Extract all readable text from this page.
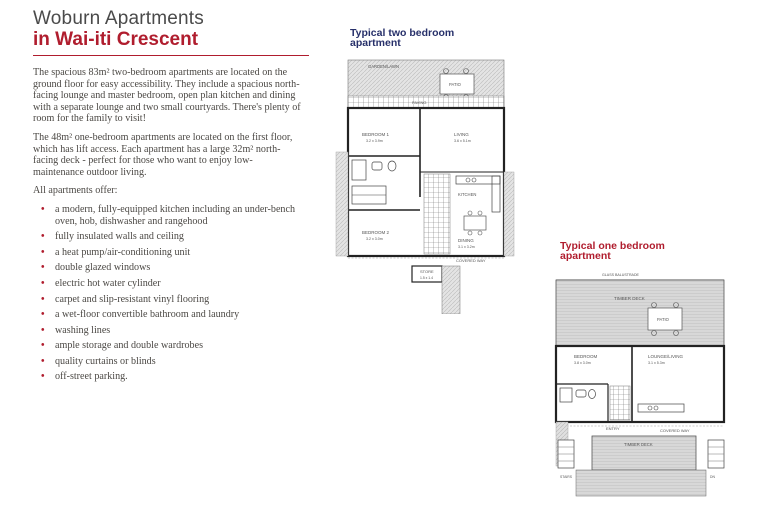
Woburn Apartments
in Wai-iti Crescent

The spacious 83m² two-bedroom apartments are located on the ground floor for easy accessibility. They include a spacious north-facing lounge and master bedroom, open plan kitchen and dining with a separate lounge and two small courtyards. There's plenty of room for the family to visit!

The 48m² one-bedroom apartments are located on the first floor, which has lift access. Each apartment has a large 32m² north-facing deck - perfect for those who want to enjoy low-maintenance outdoor living.

All apartments offer:

• a modern, fully-equipped kitchen including an under-bench oven, hob, dishwasher and rangehood
• fully insulated walls and ceiling
• a heat pump/air-conditioning unit
• double glazed windows
• electric hot water cylinder
• carpet and slip-resistant vinyl flooring
• a wet-floor convertible bathroom and laundry
• washing lines
• ample storage and double wardrobes
• quality curtains or blinds
• off-street parking.
Typical two bedroom
apartment
GARDEN/LAWN
PATIO
PAVING
BEDROOM 1
3.2 x 3.9m
LIVING
3.6 x 5.1m
KITCHEN
BEDROOM 2
3.2 x 3.0m	DINING
3.1 x 3.2m
STORE
1.5 x 1.4
COVERED WAY
Typical one bedroom
apartment
GLASS BALUSTRADE
TIMBER DECK
PATIO
BEDROOM
3.8 x 3.0m
LOUNGE/LIVING
3.1 x 5.3m
ENTRY	COVERED WAY
TIMBER DECK
STAIRS	DN
